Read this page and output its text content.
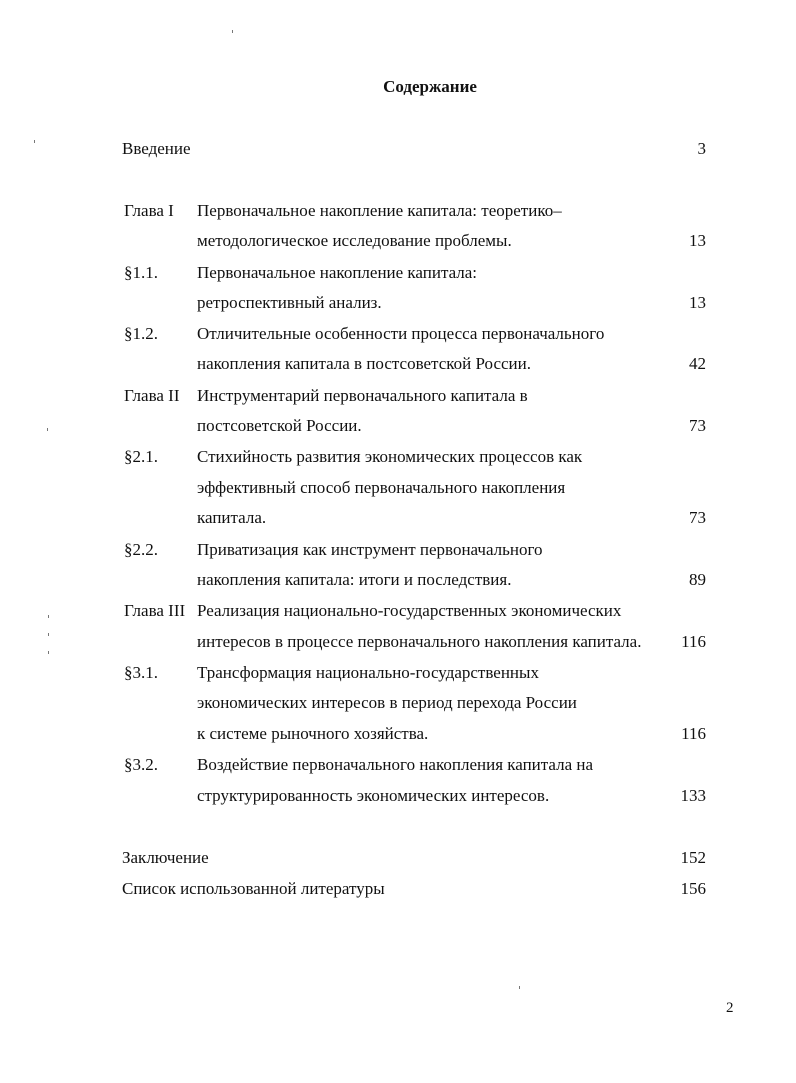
Содержание
Введение	3
Глава I Первоначальное накопление капитала: теоретико–
методологическое исследование проблемы.	13
§1.1. Первоначальное накопление капитала:
ретроспективный анализ.	13
§1.2. Отличительные особенности процесса первоначального
накопления капитала в постсоветской России.	42
Глава II Инструментарий первоначального капитала в
постсоветской России.	73
§2.1. Стихийность развития экономических процессов как
эффективный способ первоначального накопления
капитала.	73
§2.2. Приватизация как инструмент первоначального
накопления капитала: итоги и последствия.	89
Глава III Реализация национально-государственных экономических
интересов в процессе первоначального накопления капитала. 116
§3.1. Трансформация национально-государственных
экономических интересов в период перехода России
к системе рыночного хозяйства.	116
§3.2. Воздействие первоначального накопления капитала на
структурированность экономических интересов.	133
Заключение	152
Список использованной литературы	156
2
